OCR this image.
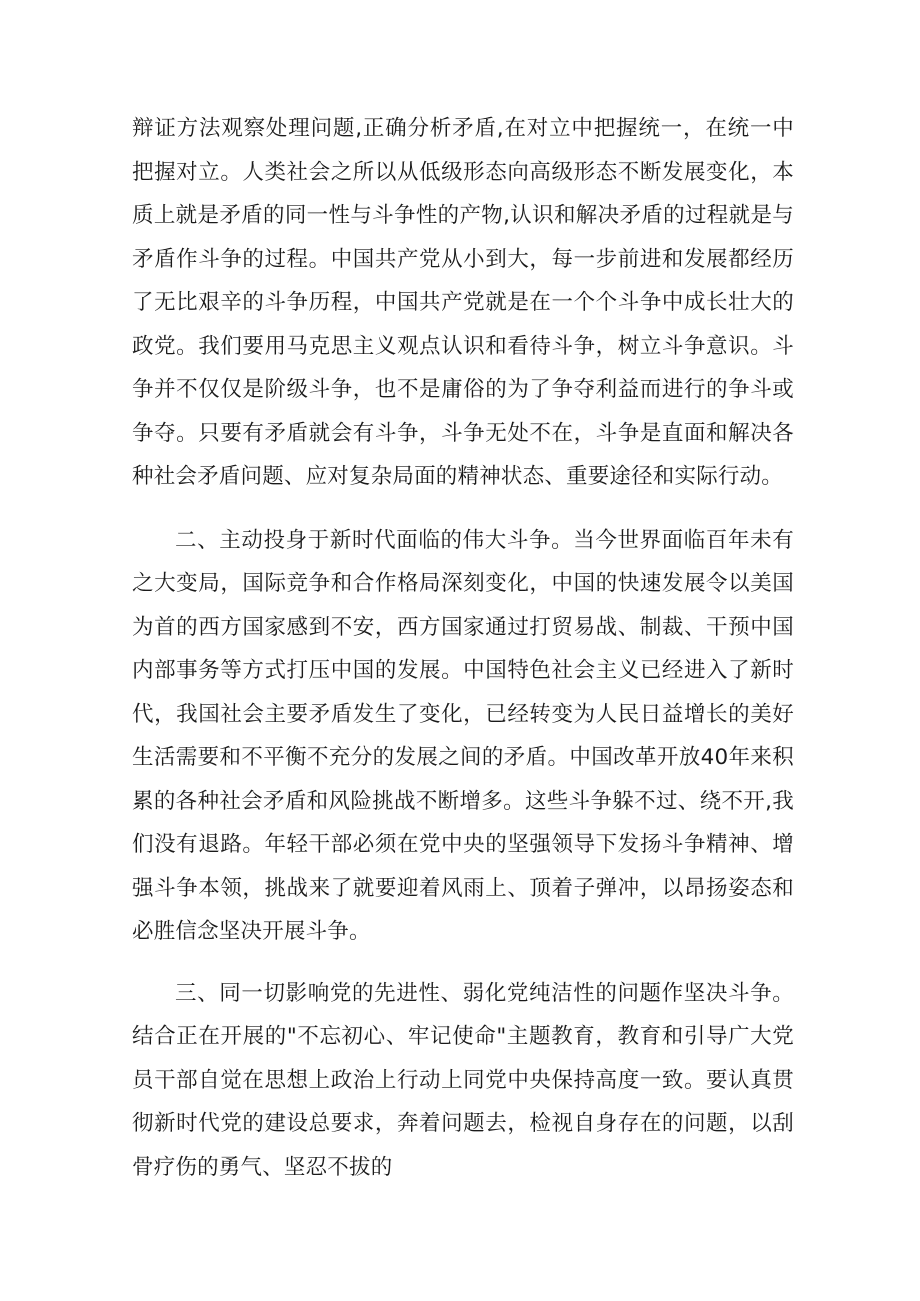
辩证方法观察处理问题,正确分析矛盾,在对立中把握统一，在统一中把握对立。人类社会之所以从低级形态向高级形态不断发展变化，本质上就是矛盾的同一性与斗争性的产物,认识和解决矛盾的过程就是与矛盾作斗争的过程。中国共产党从小到大，每一步前进和发展都经历了无比艰辛的斗争历程，中国共产党就是在一个个斗争中成长壮大的政党。我们要用马克思主义观点认识和看待斗争，树立斗争意识。斗争并不仅仅是阶级斗争，也不是庸俗的为了争夺利益而进行的争斗或争夺。只要有矛盾就会有斗争，斗争无处不在，斗争是直面和解决各种社会矛盾问题、应对复杂局面的精神状态、重要途径和实际行动。

二、主动投身于新时代面临的伟大斗争。当今世界面临百年未有之大变局，国际竞争和合作格局深刻变化，中国的快速发展令以美国为首的西方国家感到不安，西方国家通过打贸易战、制裁、干预中国内部事务等方式打压中国的发展。中国特色社会主义已经进入了新时代，我国社会主要矛盾发生了变化，已经转变为人民日益增长的美好生活需要和不平衡不充分的发展之间的矛盾。中国改革开放40年来积累的各种社会矛盾和风险挑战不断增多。这些斗争躲不过、绕不开,我们没有退路。年轻干部必须在党中央的坚强领导下发扬斗争精神、增强斗争本领，挑战来了就要迎着风雨上、顶着子弹冲，以昂扬姿态和必胜信念坚决开展斗争。

三、同一切影响党的先进性、弱化党纯洁性的问题作坚决斗争。结合正在开展的"不忘初心、牢记使命"主题教育，教育和引导广大党员干部自觉在思想上政治上行动上同党中央保持高度一致。要认真贯彻新时代党的建设总要求，奔着问题去，检视自身存在的问题，以刮骨疗伤的勇气、坚忍不拔的
